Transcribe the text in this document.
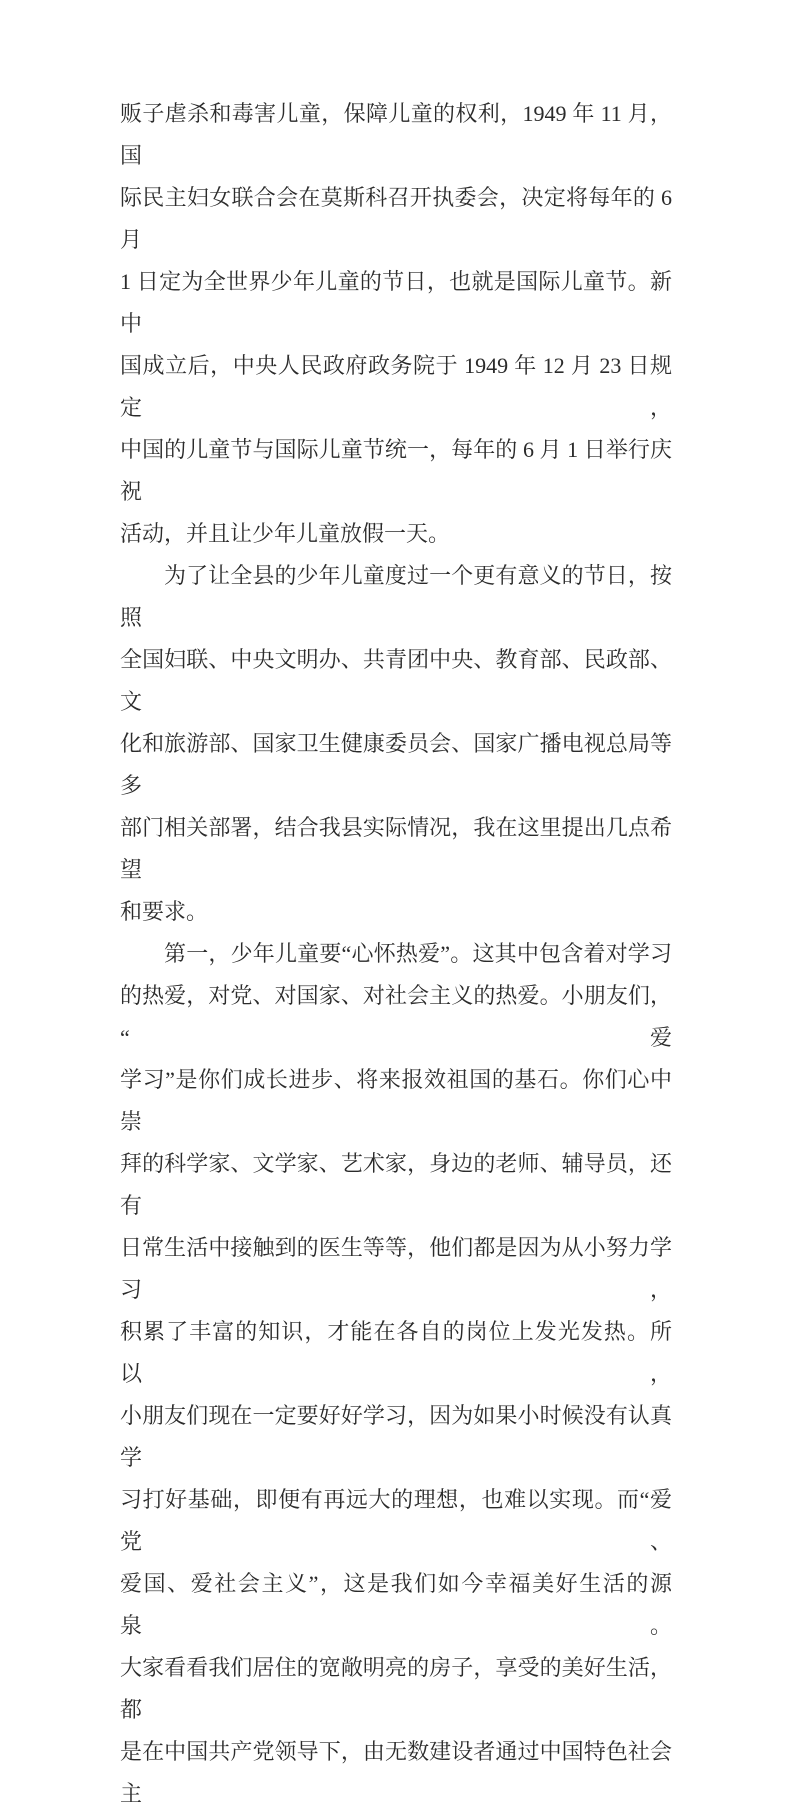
贩子虐杀和毒害儿童，保障儿童的权利，1949 年 11 月，国
际民主妇女联合会在莫斯科召开执委会，决定将每年的 6 月
1 日定为全世界少年儿童的节日，也就是国际儿童节。新中
国成立后，中央人民政府政务院于 1949 年 12 月 23 日规定，
中国的儿童节与国际儿童节统一，每年的 6 月 1 日举行庆祝
活动，并且让少年儿童放假一天。
为了让全县的少年儿童度过一个更有意义的节日，按照
全国妇联、中央文明办、共青团中央、教育部、民政部、文
化和旅游部、国家卫生健康委员会、国家广播电视总局等多
部门相关部署，结合我县实际情况，我在这里提出几点希望
和要求。
第一，少年儿童要“心怀热爱”。这其中包含着对学习
的热爱，对党、对国家、对社会主义的热爱。小朋友们，“爱
学习”是你们成长进步、将来报效祖国的基石。你们心中崇
拜的科学家、文学家、艺术家，身边的老师、辅导员，还有
日常生活中接触到的医生等等，他们都是因为从小努力学习，
积累了丰富的知识，才能在各自的岗位上发光发热。所以，
小朋友们现在一定要好好学习，因为如果小时候没有认真学
习打好基础，即便有再远大的理想，也难以实现。而“爱党、
爱国、爱社会主义”，这是我们如今幸福美好生活的源泉。
大家看看我们居住的宽敞明亮的房子，享受的美好生活，都
是在中国共产党领导下，由无数建设者通过中国特色社会主
